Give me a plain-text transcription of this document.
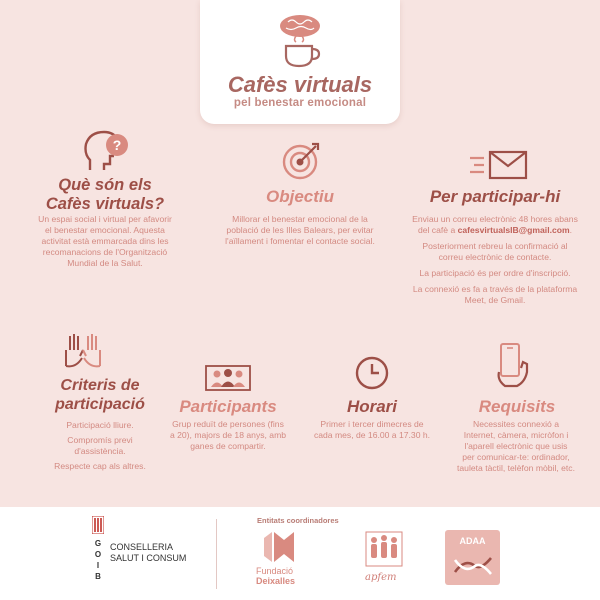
Cafès virtuals
pel benestar emocional
?
Què són els
Cafès virtuals?
Un espai social i virtual per afavorir
el benestar emocional. Aquesta
activitat està emmarcada dins les
recomanacions de l'Organització
Mundial de la Salut.
Objectiu
Millorar el benestar emocional de la
població de les Illes Balears, per evitar
l'aïllament i fomentar el contacte social.
Per participar-hi

Enviau un correu electrònic 48 hores abans
del cafè a cafesvirtualsIB@gmail.com.

Posteriorment rebreu la confirmació al
correu electrònic de contacte.

La participació és per ordre d'inscripció.

La connexió es fa a través de la plataforma
Meet, de Gmail.

Criteris de
participació
Participació lliure.
Compromís previ
d'assistència.
Respecte cap als altres.
Participants
Grup reduït de persones (fins
a 20), majors de 18 anys, amb
ganes de compartir.
Horari
Primer i tercer dimecres de
cada mes, de 16.00 a 17.30 h.
Requisits
Necessites connexió a
Internet, càmera, micròfon i
l'aparell electrònic que usis
per comunicar-te: ordinador,
tauleta tàctil, telèfon mòbil, etc.
G
O
I
B
CONSELLERIA
SALUT I CONSUM
Entitats coordinadores
Fundació
Deixalles	apfem
ADAA
